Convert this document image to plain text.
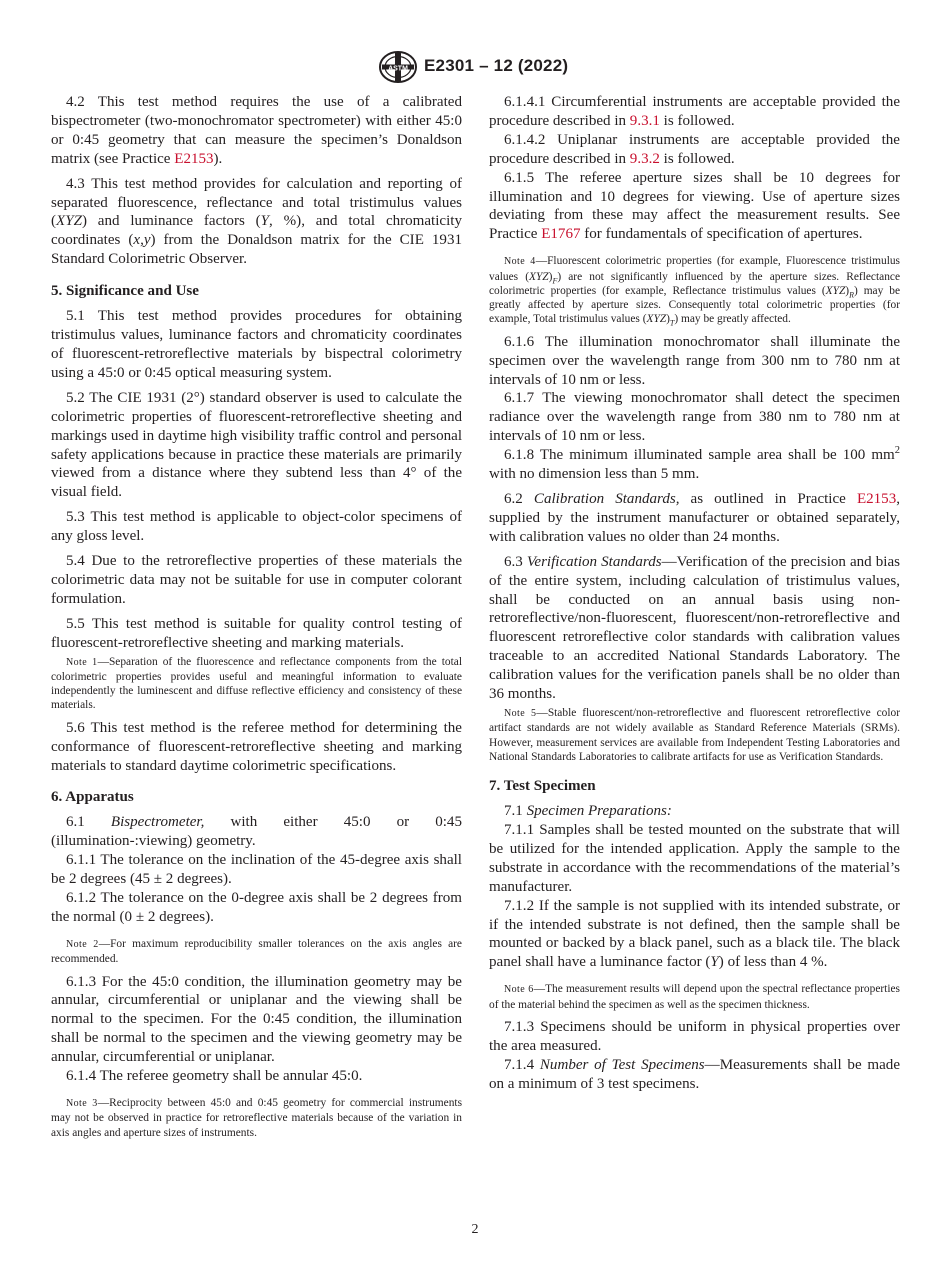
ASTM E2301 – 12 (2022)

4.2 This test method requires the use of a calibrated bispectrometer (two-monochromator spectrometer) with either 45:0 or 0:45 geometry that can measure the specimen’s Donaldson matrix (see Practice E2153).

4.3 This test method provides for calculation and reporting of separated fluorescence, reflectance and total tristimulus values (XYZ) and luminance factors (Y, %), and total chromaticity coordinates (x,y) from the Donaldson matrix for the CIE 1931 Standard Colorimetric Observer.

5. Significance and Use

5.1 This test method provides procedures for obtaining tristimulus values, luminance factors and chromaticity coordinates of fluorescent-retroreflective materials by bispectral colorimetry using a 45:0 or 0:45 optical measuring system.

5.2 The CIE 1931 (2°) standard observer is used to calculate the colorimetric properties of fluorescent-retroreflective sheeting and markings used in daytime high visibility traffic control and personal safety applications because in practice these materials are primarily viewed from a distance where they subtend less than 4° of the visual field.

5.3 This test method is applicable to object-color specimens of any gloss level.

5.4 Due to the retroreflective properties of these materials the colorimetric data may not be suitable for use in computer colorant formulation.

5.5 This test method is suitable for quality control testing of fluorescent-retroreflective sheeting and marking materials.

Note 1—Separation of the fluorescence and reflectance components from the total colorimetric properties provides useful and meaningful information to evaluate independently the luminescent and diffuse reflective efficiency and consistency of these materials.

5.6 This test method is the referee method for determining the conformance of fluorescent-retroreflective sheeting and marking materials to standard daytime colorimetric specifications.

6. Apparatus

6.1 Bispectrometer, with either 45:0 or 0:45 (illumination-:viewing) geometry.

6.1.1 The tolerance on the inclination of the 45-degree axis shall be 2 degrees (45 ± 2 degrees).

6.1.2 The tolerance on the 0-degree axis shall be 2 degrees from the normal (0 ± 2 degrees).

Note 2—For maximum reproducibility smaller tolerances on the axis angles are recommended.

6.1.3 For the 45:0 condition, the illumination geometry may be annular, circumferential or uniplanar and the viewing shall be normal to the specimen. For the 0:45 condition, the illumination shall be normal to the specimen and the viewing geometry may be annular, circumferential or uniplanar.

6.1.4 The referee geometry shall be annular 45:0.

Note 3—Reciprocity between 45:0 and 0:45 geometry for commercial instruments may not be observed in practice for retroreflective materials because of the variation in axis angles and aperture sizes of instruments.

6.1.4.1 Circumferential instruments are acceptable provided the procedure described in 9.3.1 is followed.

6.1.4.2 Uniplanar instruments are acceptable provided the procedure described in 9.3.2 is followed.

6.1.5 The referee aperture sizes shall be 10 degrees for illumination and 10 degrees for viewing. Use of aperture sizes deviating from these may affect the measurement results. See Practice E1767 for fundamentals of specification of apertures.

Note 4—Fluorescent colorimetric properties (for example, Fluorescence tristimulus values $(XYZ)_F$) are not significantly influenced by the aperture sizes. Reflectance colorimetric properties (for example, Reflectance tristimulus values $(XYZ)_R$) may be greatly affected by aperture sizes. Consequently total colorimetric properties (for example, Total tristimulus values $(XYZ)_T$) may be greatly affected.

6.1.6 The illumination monochromator shall illuminate the specimen over the wavelength range from 300 nm to 780 nm at intervals of 10 nm or less.

6.1.7 The viewing monochromator shall detect the specimen radiance over the wavelength range from 380 nm to 780 nm at intervals of 10 nm or less.

6.1.8 The minimum illuminated sample area shall be 100 $mm^2$ with no dimension less than 5 mm.

6.2 Calibration Standards, as outlined in Practice E2153, supplied by the instrument manufacturer or obtained separately, with calibration values no older than 24 months.

6.3 Verification Standards—Verification of the precision and bias of the entire system, including calculation of tristimulus values, shall be conducted on an annual basis using non-retroreflective/non-fluorescent, fluorescent/non-retroreflective and fluorescent retroreflective color standards with calibration values traceable to an accredited National Standards Laboratory. The calibration values for the verification panels shall be no older than 36 months.

Note 5—Stable fluorescent/non-retroreflective and fluorescent retroreflective color artifact standards are not widely available as Standard Reference Materials (SRMs). However, measurement services are available from Independent Testing Laboratories and National Standards Laboratories to calibrate artifacts for use as Verification Standards.

7. Test Specimen

7.1 Specimen Preparations:

7.1.1 Samples shall be tested mounted on the substrate that will be utilized for the intended application. Apply the sample to the substrate in accordance with the recommendations of the material’s manufacturer.

7.1.2 If the sample is not supplied with its intended substrate, or if the intended substrate is not defined, then the sample shall be mounted or backed by a black panel, such as a black tile. The black panel shall have a luminance factor (Y) of less than 4 %.

Note 6—The measurement results will depend upon the spectral reflectance properties of the material behind the specimen as well as the specimen thickness.

7.1.3 Specimens should be uniform in physical properties over the area measured.

7.1.4 Number of Test Specimens—Measurements shall be made on a minimum of 3 test specimens.

2
